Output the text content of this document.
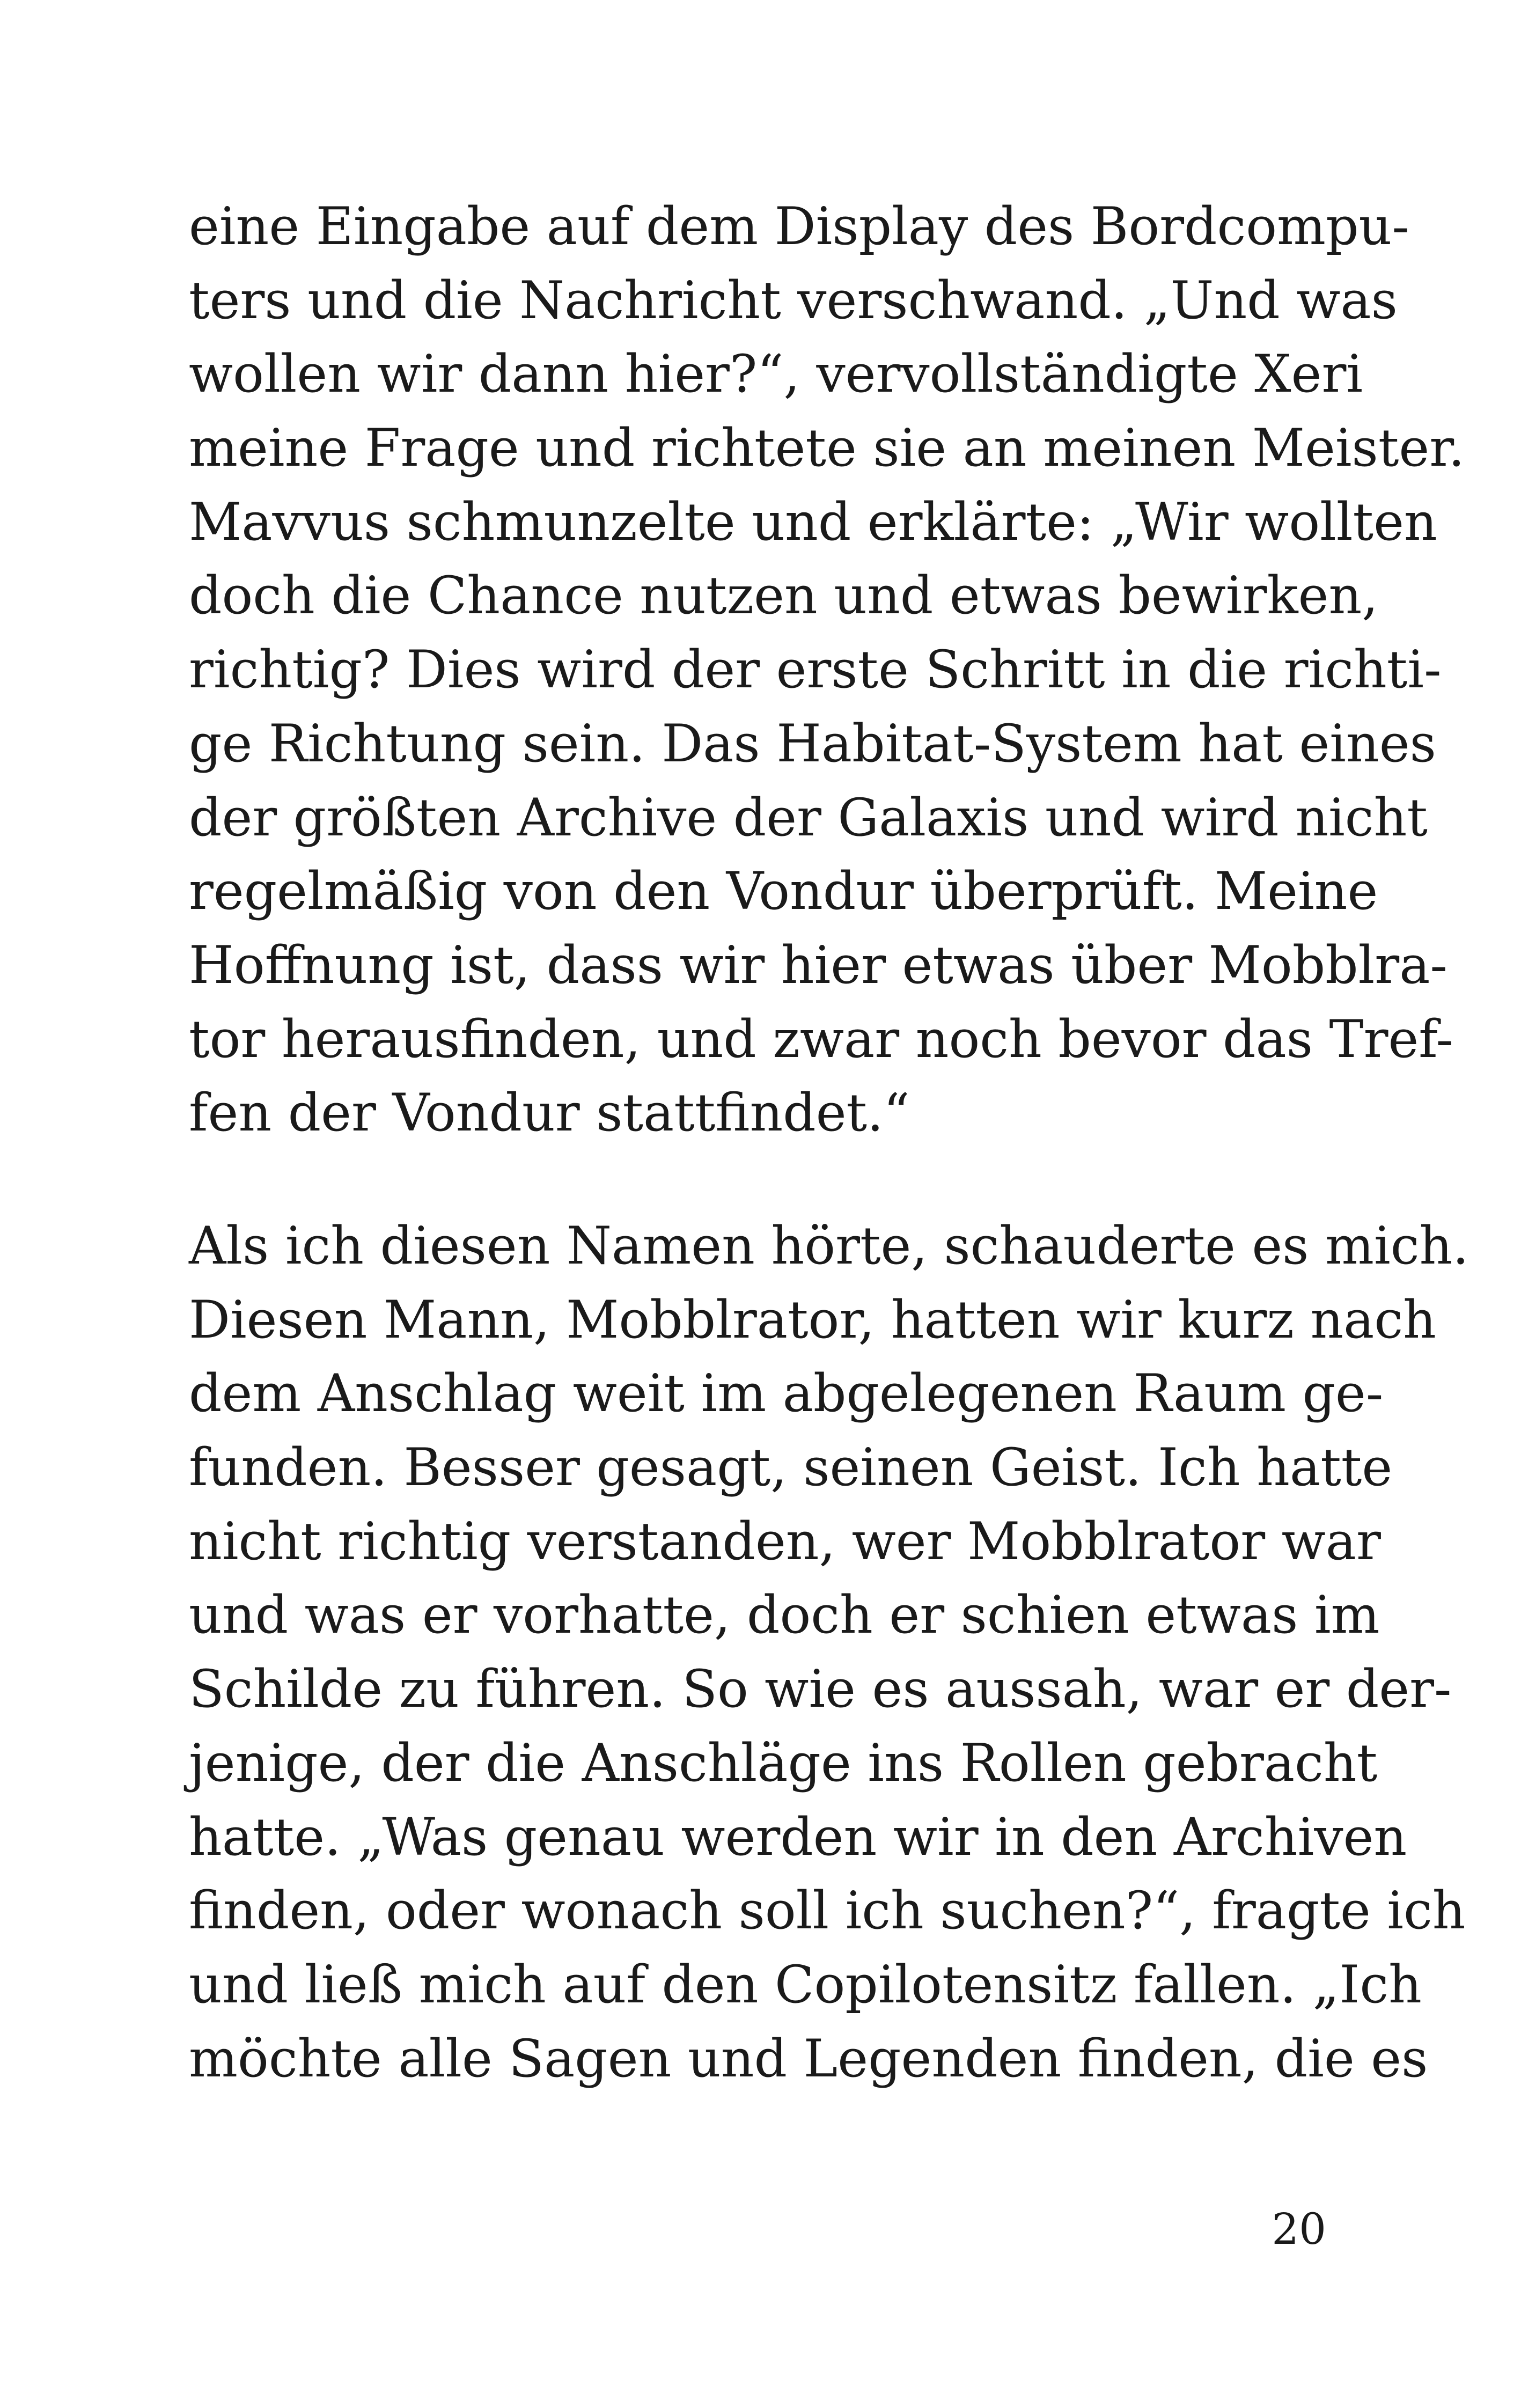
eine Eingabe auf dem Display des Bordcompu-
ters und die Nachricht verschwand. „Und was
wollen wir dann hier?“, vervollständigte Xeri
meine Frage und richtete sie an meinen Meister.
Mavvus schmunzelte und erklärte: „Wir wollten
doch die Chance nutzen und etwas bewirken,
richtig? Dies wird der erste Schritt in die richti-
ge Richtung sein. Das Habitat-System hat eines
der größten Archive der Galaxis und wird nicht
regelmäßig von den Vondur überprüft. Meine
Hoffnung ist, dass wir hier etwas über Mobblra-
tor herausfinden, und zwar noch bevor das Tref-
fen der Vondur stattfindet.“
Als ich diesen Namen hörte, schauderte es mich.
Diesen Mann, Mobblrator, hatten wir kurz nach
dem Anschlag weit im abgelegenen Raum ge-
funden. Besser gesagt, seinen Geist. Ich hatte
nicht richtig verstanden, wer Mobblrator war
und was er vorhatte, doch er schien etwas im
Schilde zu führen. So wie es aussah, war er der-
jenige, der die Anschläge ins Rollen gebracht
hatte. „Was genau werden wir in den Archiven
finden, oder wonach soll ich suchen?“, fragte ich
und ließ mich auf den Copilotensitz fallen. „Ich
möchte alle Sagen und Legenden finden, die es
20
